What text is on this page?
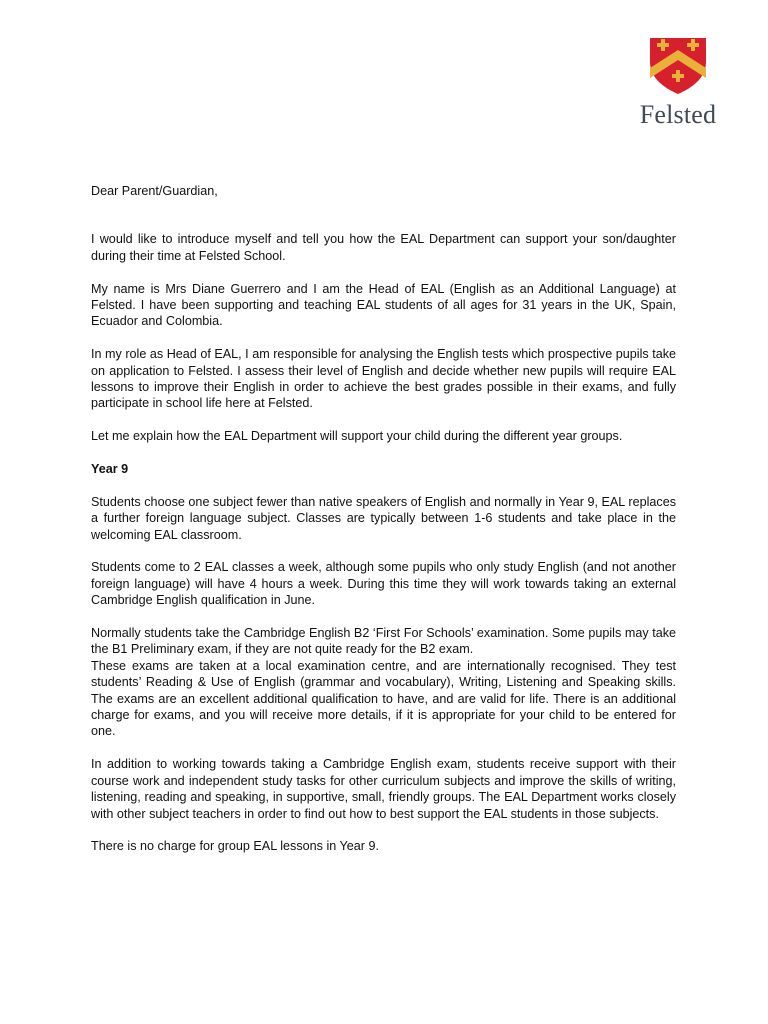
Felsted

Dear Parent/Guardian,

I would like to introduce myself and tell you how the EAL Department can support your son/daughter during their time at Felsted School.

My name is Mrs Diane Guerrero and I am the Head of EAL (English as an Additional Language) at Felsted. I have been supporting and teaching EAL students of all ages for 31 years in the UK, Spain, Ecuador and Colombia.

In my role as Head of EAL, I am responsible for analysing the English tests which prospective pupils take on application to Felsted. I assess their level of English and decide whether new pupils will require EAL lessons to improve their English in order to achieve the best grades possible in their exams, and fully participate in school life here at Felsted.

Let me explain how the EAL Department will support your child during the different year groups.

Year 9

Students choose one subject fewer than native speakers of English and normally in Year 9, EAL replaces a further foreign language subject. Classes are typically between 1-6 students and take place in the welcoming EAL classroom.

Students come to 2 EAL classes a week, although some pupils who only study English (and not another foreign language) will have 4 hours a week. During this time they will work towards taking an external Cambridge English qualification in June.

Normally students take the Cambridge English B2 ‘First For Schools’ examination. Some pupils may take the B1 Preliminary exam, if they are not quite ready for the B2 exam.

These exams are taken at a local examination centre, and are internationally recognised. They test students’ Reading & Use of English (grammar and vocabulary), Writing, Listening and Speaking skills. The exams are an excellent additional qualification to have, and are valid for life. There is an additional charge for exams, and you will receive more details, if it is appropriate for your child to be entered for one.

In addition to working towards taking a Cambridge English exam, students receive support with their course work and independent study tasks for other curriculum subjects and improve the skills of writing, listening, reading and speaking, in supportive, small, friendly groups. The EAL Department works closely with other subject teachers in order to find out how to best support the EAL students in those subjects.

There is no charge for group EAL lessons in Year 9.
